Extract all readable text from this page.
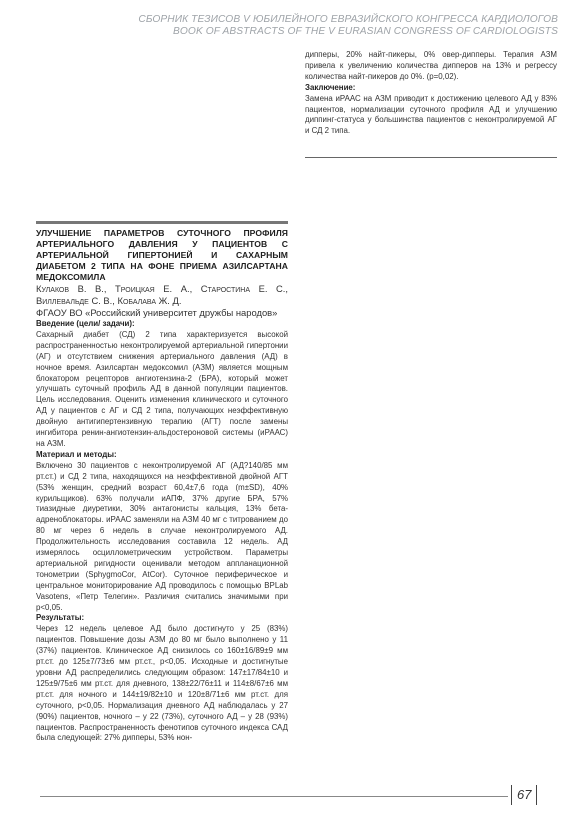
СБОРНИК ТЕЗИСОВ V ЮБИЛЕЙНОГО ЕВРАЗИЙСКОГО КОНГРЕССА КАРДИОЛОГОВ
BOOK OF ABSTRACTS OF THE V EURASIAN CONGRESS OF CARDIOLOGISTS

дипперы, 20% найт-пикеры, 0% овер-дипперы. Терапия АЗМ привела к увеличению количества дипперов на 13% и регрессу количества найт-пикеров до 0%. (р=0,02).

Заключение:

Замена иРААС на АЗМ приводит к достижению целевого АД у 83% пациентов, нормализации суточного профиля АД и улучшению диппинг-статуса у большинства пациентов с неконтролируемой АГ и СД 2 типа.

УЛУЧШЕНИЕ ПАРАМЕТРОВ СУТОЧНОГО ПРОФИЛЯ АРТЕРИАЛЬНОГО ДАВЛЕНИЯ У ПАЦИЕНТОВ С АРТЕРИАЛЬНОЙ ГИПЕРТОНИЕЙ И САХАРНЫМ ДИАБЕТОМ 2 ТИПА НА ФОНЕ ПРИЕМА АЗИЛСАРТАНА МЕДОКСОМИЛА

Кулаков В. В., Троицкая Е. А., Старостина Е. С., Виллевальде С. В., Кобалава Ж. Д.

ФГАОУ ВО «Российский университет дружбы народов»

Введение (цели/ задачи):

Сахарный диабет (СД) 2 типа характеризуется высокой распространенностью неконтролируемой артериальной гипертонии (АГ) и отсутствием снижения артериального давления (АД) в ночное время. Азилсартан медоксомил (АЗМ) является мощным блокатором рецепторов ангиотензина-2 (БРА), который может улучшать суточный профиль АД в данной популяции пациентов. Цель исследования. Оценить изменения клинического и суточного АД у пациентов с АГ и СД 2 типа, получающих неэффективную двойную антигипертензивную терапию (АГТ) после замены ингибитора ренин-ангиотензин-альдостероновой системы (иРААС) на АЗМ.

Материал и методы:

Включено 30 пациентов с неконтролируемой АГ (АД?140/85 мм рт.ст.) и СД 2 типа, находящихся на неэффективной двойной АГТ (53% женщин, средний возраст 60,4±7,6 года (m±SD), 40% курильщиков). 63% получали иАПФ, 37% другие БРА, 57% тиазидные диуретики, 30% антагонисты кальция, 13% бета-адреноблокаторы. иРААС заменяли на АЗМ 40 мг с титрованием до 80 мг через 6 недель в случае неконтролируемого АД. Продолжительность исследования составила 12 недель. АД измерялось осциллометрическим устройством. Параметры артериальной ригидности оценивали методом аппланационной тонометрии (SphygmoCor, AtCor). Суточное периферическое и центральное мониторирование АД проводилось с помощью BPLab Vasotens, «Петр Телегин». Различия считались значимыми при р<0,05.

Результаты:

Через 12 недель целевое АД было достигнуто у 25 (83%) пациентов. Повышение дозы АЗМ до 80 мг было выполнено у 11 (37%) пациентов. Клиническое АД снизилось со 160±16/89±9 мм рт.ст. до 125±7/73±6 мм рт.ст., р<0,05. Исходные и достигнутые уровни АД распределились следующим образом: 147±17/84±10 и 125±9/75±6 мм рт.ст. для дневного, 138±22/76±11 и 114±8/67±6 мм рт.ст. для ночного и 144±19/82±10 и 120±8/71±6 мм рт.ст. для суточного, р<0,05. Нормализация дневного АД наблюдалась у 27 (90%) пациентов, ночного – у 22 (73%), суточного АД – у 28 (93%) пациентов. Распространенность фенотипов суточного индекса САД была следующей: 27% дипперы, 53% нон-

67
